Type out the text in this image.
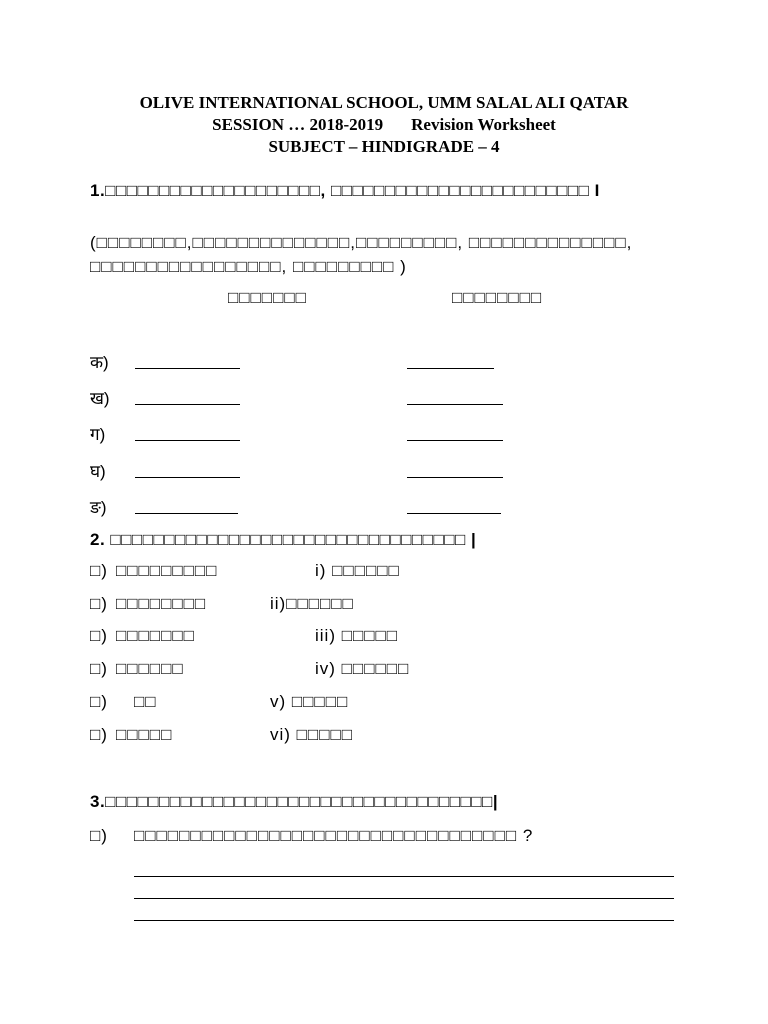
OLIVE INTERNATIONAL SCHOOL, UMM SALAL ALI QATAR
SESSION … 2018-2019 Revision Worksheet
SUBJECT – HINDIGRADE – 4
1.□□□□□□□□□□□□□□□□□□□□, □□□□□□□□□□□□□□□□□□□□□□□□ I
(□□□□□□□□,□□□□□□□□□□□□□□,□□□□□□□□□, □□□□□□□□□□□□□□,
□□□□□□□□□□□□□□□□□, □□□□□□□□□ )
□□□□□□□	□□□□□□□□
क)
ख)
ग)
घ)
ङ)
2. □□□□□□□□□□□□□□□□□□□□□□□□□□□□□□□□□ |
□) □□□□□□□□□	i) □□□□□□
□) □□□□□□□□	ii)□□□□□□
□) □□□□□□□	iii) □□□□□
□) □□□□□□	iv) □□□□□□
□) □□	v) □□□□□
□) □□□□□	vi) □□□□□
3.□□□□□□□□□□□□□□□□□□□□□□□□□□□□□□□□□□□□|
□) □□□□□□□□□□□□□□□□□□□□□□□□□□□□□□□□□□ ?
